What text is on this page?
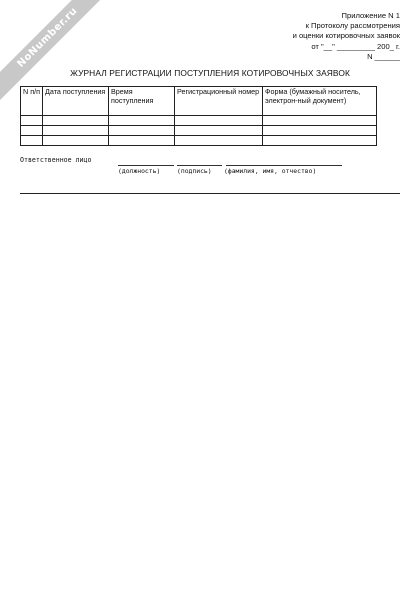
NoNumber.ru	Приложение N 1
к Протоколу рассмотрения
и оценки котировочных заявок
от "__" _________ 200_ г.
N ______
ЖУРНАЛ РЕГИСТРАЦИИ ПОСТУПЛЕНИЯ КОТИРОВОЧНЫХ ЗАЯВОК
N п/п	Дата поступления	Время поступления	Регистрационный номер	Форма (бумажный носитель, электрон-ный документ)

Ответственное лицо
(должность)	(подпись) (фамилия, имя, отчество)
